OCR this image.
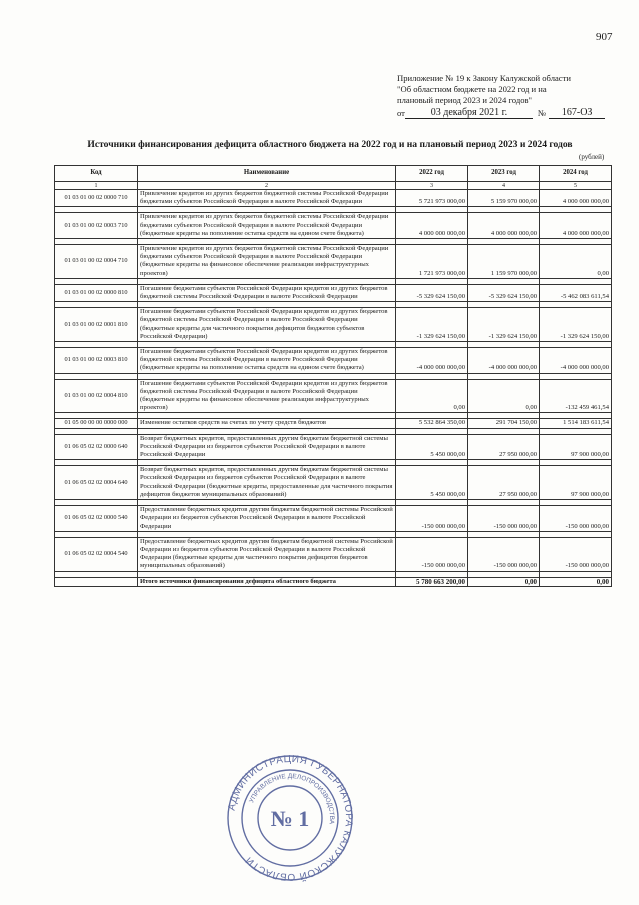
907
Приложение № 19 к Закону Калужской области
"Об областном бюджете на 2022 год и на
плановый период 2023 и 2024 годов"
от	03 декабря 2021 г.	№	167-ОЗ
Источники финансирования дефицита областного бюджета на 2022 год и на плановый период 2023 и 2024 годов
(рублей)
Код	Наименование	2022 год	2023 год	2024 год
1	2	3	4	5
01 03 01 00 02 0000 710	Привлечение кредитов из других бюджетов бюджетной системы Российской Федерации бюджетами субъектов Российской Федерации в валюте Российской Федерации	5 721 973 000,00	5 159 970 000,00	4 000 000 000,00

01 03 01 00 02 0003 710	Привлечение кредитов из других бюджетов бюджетной системы Российской Федерации бюджетами субъектов Российской Федерации в валюте Российской Федерации (бюджетные кредиты на пополнение остатка средств на едином счете бюджета)	4 000 000 000,00	4 000 000 000,00	4 000 000 000,00

01 03 01 00 02 0004 710	Привлечение кредитов из других бюджетов бюджетной системы Российской Федерации бюджетами субъектов Российской Федерации в валюте Российской Федерации (бюджетные кредиты на финансовое обеспечение реализации инфраструктурных проектов)	1 721 973 000,00	1 159 970 000,00	0,00

01 03 01 00 02 0000 810	Погашение бюджетами субъектов Российской Федерации кредитов из других бюджетов бюджетной системы Российской Федерации в валюте Российской Федерации	-5 329 624 150,00	-5 329 624 150,00	-5 462 083 611,54

01 03 01 00 02 0001 810	Погашение бюджетами субъектов Российской Федерации кредитов из других бюджетов бюджетной системы Российской Федерации в валюте Российской Федерации (бюджетные кредиты для частичного покрытия дефицитов бюджетов субъектов Российской Федерации)	-1 329 624 150,00	-1 329 624 150,00	-1 329 624 150,00

01 03 01 00 02 0003 810	Погашение бюджетами субъектов Российской Федерации кредитов из других бюджетов бюджетной системы Российской Федерации в валюте Российской Федерации (бюджетные кредиты на пополнение остатка средств на едином счете бюджета)	-4 000 000 000,00	-4 000 000 000,00	-4 000 000 000,00

01 03 01 00 02 0004 810	Погашение бюджетами субъектов Российской Федерации кредитов из других бюджетов бюджетной системы Российской Федерации в валюте Российской Федерации (бюджетные кредиты на финансовое обеспечение реализации инфраструктурных проектов)	0,00	0,00	-132 459 461,54

01 05 00 00 00 0000 000	Изменение остатков средств на счетах по учету средств бюджетов	5 532 864 350,00	291 704 150,00	1 514 183 611,54

01 06 05 02 02 0000 640	Возврат бюджетных кредитов, предоставленных другим бюджетам бюджетной системы Российской Федерации из бюджетов субъектов Российской Федерации в валюте Российской Федерации	5 450 000,00	27 950 000,00	97 900 000,00

01 06 05 02 02 0004 640	Возврат бюджетных кредитов, предоставленных другим бюджетам бюджетной системы Российской Федерации из бюджетов субъектов Российской Федерации в валюте Российской Федерации (бюджетные кредиты, предоставленные для частичного покрытия дефицитов бюджетов муниципальных образований)	5 450 000,00	27 950 000,00	97 900 000,00

01 06 05 02 02 0000 540	Предоставление бюджетных кредитов другим бюджетам бюджетной системы Российской Федерации из бюджетов субъектов Российской Федерации в валюте Российской Федерации	-150 000 000,00	-150 000 000,00	-150 000 000,00

01 06 05 02 02 0004 540	Предоставление бюджетных кредитов другим бюджетам бюджетной системы Российской Федерации из бюджетов субъектов Российской Федерации в валюте Российской Федерации (бюджетные кредиты для частичного покрытия дефицитов бюджетов муниципальных образований)	-150 000 000,00	-150 000 000,00	-150 000 000,00

	Итого источники финансирования дефицита областного бюджета	5 780 663 200,00	0,00	0,00
АДМИНИСТРАЦИЯ ГУБЕРНАТОРА КАЛУЖСКОЙ ОБЛАСТИ
УПРАВЛЕНИЕ ДЕЛОПРОИЗВОДСТВА
№ 1
